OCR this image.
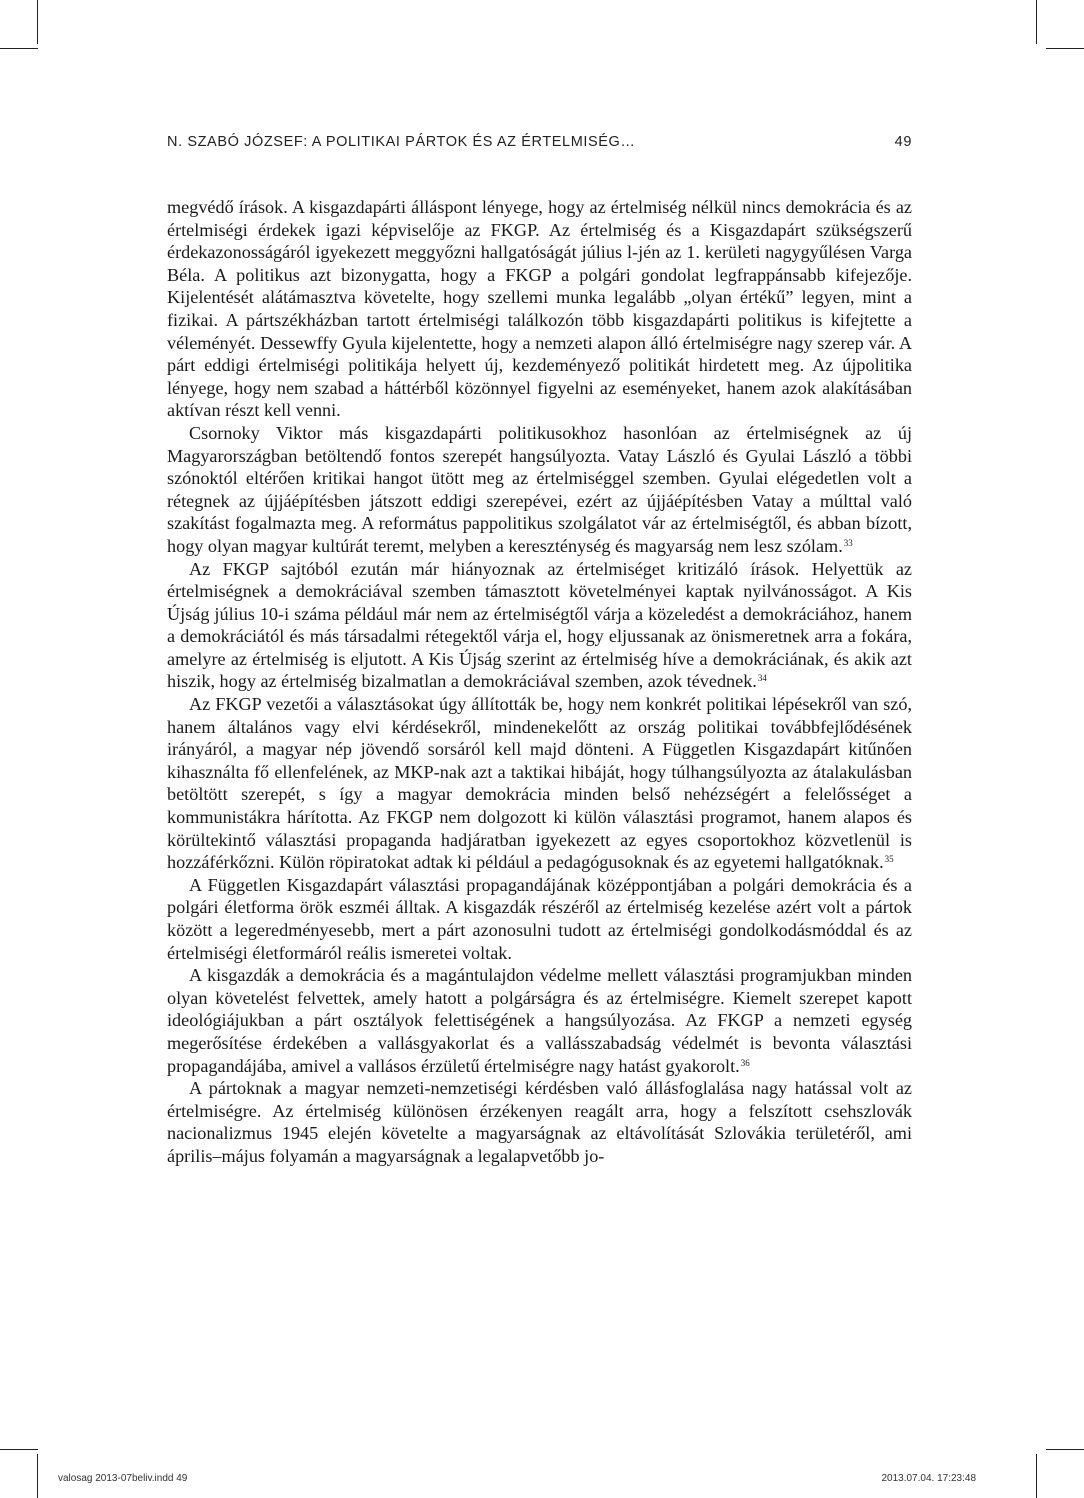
N. SZABÓ JÓZSEF: A POLITIKAI PÁRTOK ÉS AZ ÉRTELMISÉG…	49

megvédő írások. A kisgazdapárti álláspont lényege, hogy az értelmiség nélkül nincs demokrácia és az értelmiségi érdekek igazi képviselője az FKGP. Az értelmiség és a Kisgazdapárt szükségszerű érdekazonosságáról igyekezett meggyőzni hallgatóságát július l-jén az 1. kerületi nagygyűlésen Varga Béla. A politikus azt bizonygatta, hogy a FKGP a polgári gondolat legfrappánsabb kifejezője. Kijelentését alátámasztva követelte, hogy szellemi munka legalább „olyan értékű” legyen, mint a fizikai. A pártszékházban tartott értelmiségi találkozón több kisgazdapárti politikus is kifejtette a véleményét. Dessewffy Gyula kijelentette, hogy a nemzeti alapon álló értelmiségre nagy szerep vár. A párt eddigi értelmiségi politikája helyett új, kezdeményező politikát hirdetett meg. Az újpolitika lényege, hogy nem szabad a háttérből közönnyel figyelni az eseményeket, hanem azok alakításában aktívan részt kell venni.

Csornoky Viktor más kisgazdapárti politikusokhoz hasonlóan az értelmiségnek az új Magyarországban betöltendő fontos szerepét hangsúlyozta. Vatay László és Gyulai László a többi szónoktól eltérően kritikai hangot ütött meg az értelmiséggel szemben. Gyulai elégedetlen volt a rétegnek az újjáépítésben játszott eddigi szerepévei, ezért az újjáépítésben Vatay a múlttal való szakítást fogalmazta meg. A református pappolitikus szolgálatot vár az értelmiségtől, és abban bízott, hogy olyan magyar kultúrát teremt, melyben a kereszténység és magyarság nem lesz szólam.$^{33}$

Az FKGP sajtóból ezután már hiányoznak az értelmiséget kritizáló írások. Helyettük az értelmiségnek a demokráciával szemben támasztott követelményei kaptak nyilvánosságot. A Kis Újság július 10-i száma például már nem az értelmiségtől várja a közeledést a demokráciához, hanem a demokráciától és más társadalmi rétegektől várja el, hogy eljussanak az önismeretnek arra a fokára, amelyre az értelmiség is eljutott. A Kis Újság szerint az értelmiség híve a demokráciának, és akik azt hiszik, hogy az értelmiség bizalmatlan a demokráciával szemben, azok tévednek.$^{34}$

Az FKGP vezetői a választásokat úgy állították be, hogy nem konkrét politikai lépésekről van szó, hanem általános vagy elvi kérdésekről, mindenekelőtt az ország politikai továbbfejlődésének irányáról, a magyar nép jövendő sorsáról kell majd dönteni. A Független Kisgazdapárt kitűnően kihasználta fő ellenfelének, az MKP-nak azt a taktikai hibáját, hogy túlhangsúlyozta az átalakulásban betöltött szerepét, s így a magyar demokrácia minden belső nehézségért a felelősséget a kommunistákra hárította. Az FKGP nem dolgozott ki külön választási programot, hanem alapos és körültekintő választási propaganda hadjáratban igyekezett az egyes csoportokhoz közvetlenül is hozzáférkőzni. Külön röpiratokat adtak ki például a pedagógusoknak és az egyetemi hallgatóknak.$^{35}$

A Független Kisgazdapárt választási propagandájának középpontjában a polgári demokrácia és a polgári életforma örök eszméi álltak. A kisgazdák részéről az értelmiség kezelése azért volt a pártok között a legeredményesebb, mert a párt azonosulni tudott az értelmiségi gondolkodásmóddal és az értelmiségi életformáról reális ismeretei voltak.

A kisgazdák a demokrácia és a magántulajdon védelme mellett választási programjukban minden olyan követelést felvettek, amely hatott a polgárságra és az értelmiségre. Kiemelt szerepet kapott ideológiájukban a párt osztályok felettiségének a hangsúlyozása. Az FKGP a nemzeti egység megerősítése érdekében a vallásgyakorlat és a vallásszabadság védelmét is bevonta választási propagandájába, amivel a vallásos érzületű értelmiségre nagy hatást gyakorolt.$^{36}$

A pártoknak a magyar nemzeti-nemzetiségi kérdésben való állásfoglalása nagy hatással volt az értelmiségre. Az értelmiség különösen érzékenyen reagált arra, hogy a felszított csehszlovák nacionalizmus 1945 elején követelte a magyarságnak az eltávolítását Szlovákia területéről, ami április–május folyamán a magyarságnak a legalapvetőbb jo-

valosag 2013-07beliv.indd 49	2013.07.04. 17:23:48
